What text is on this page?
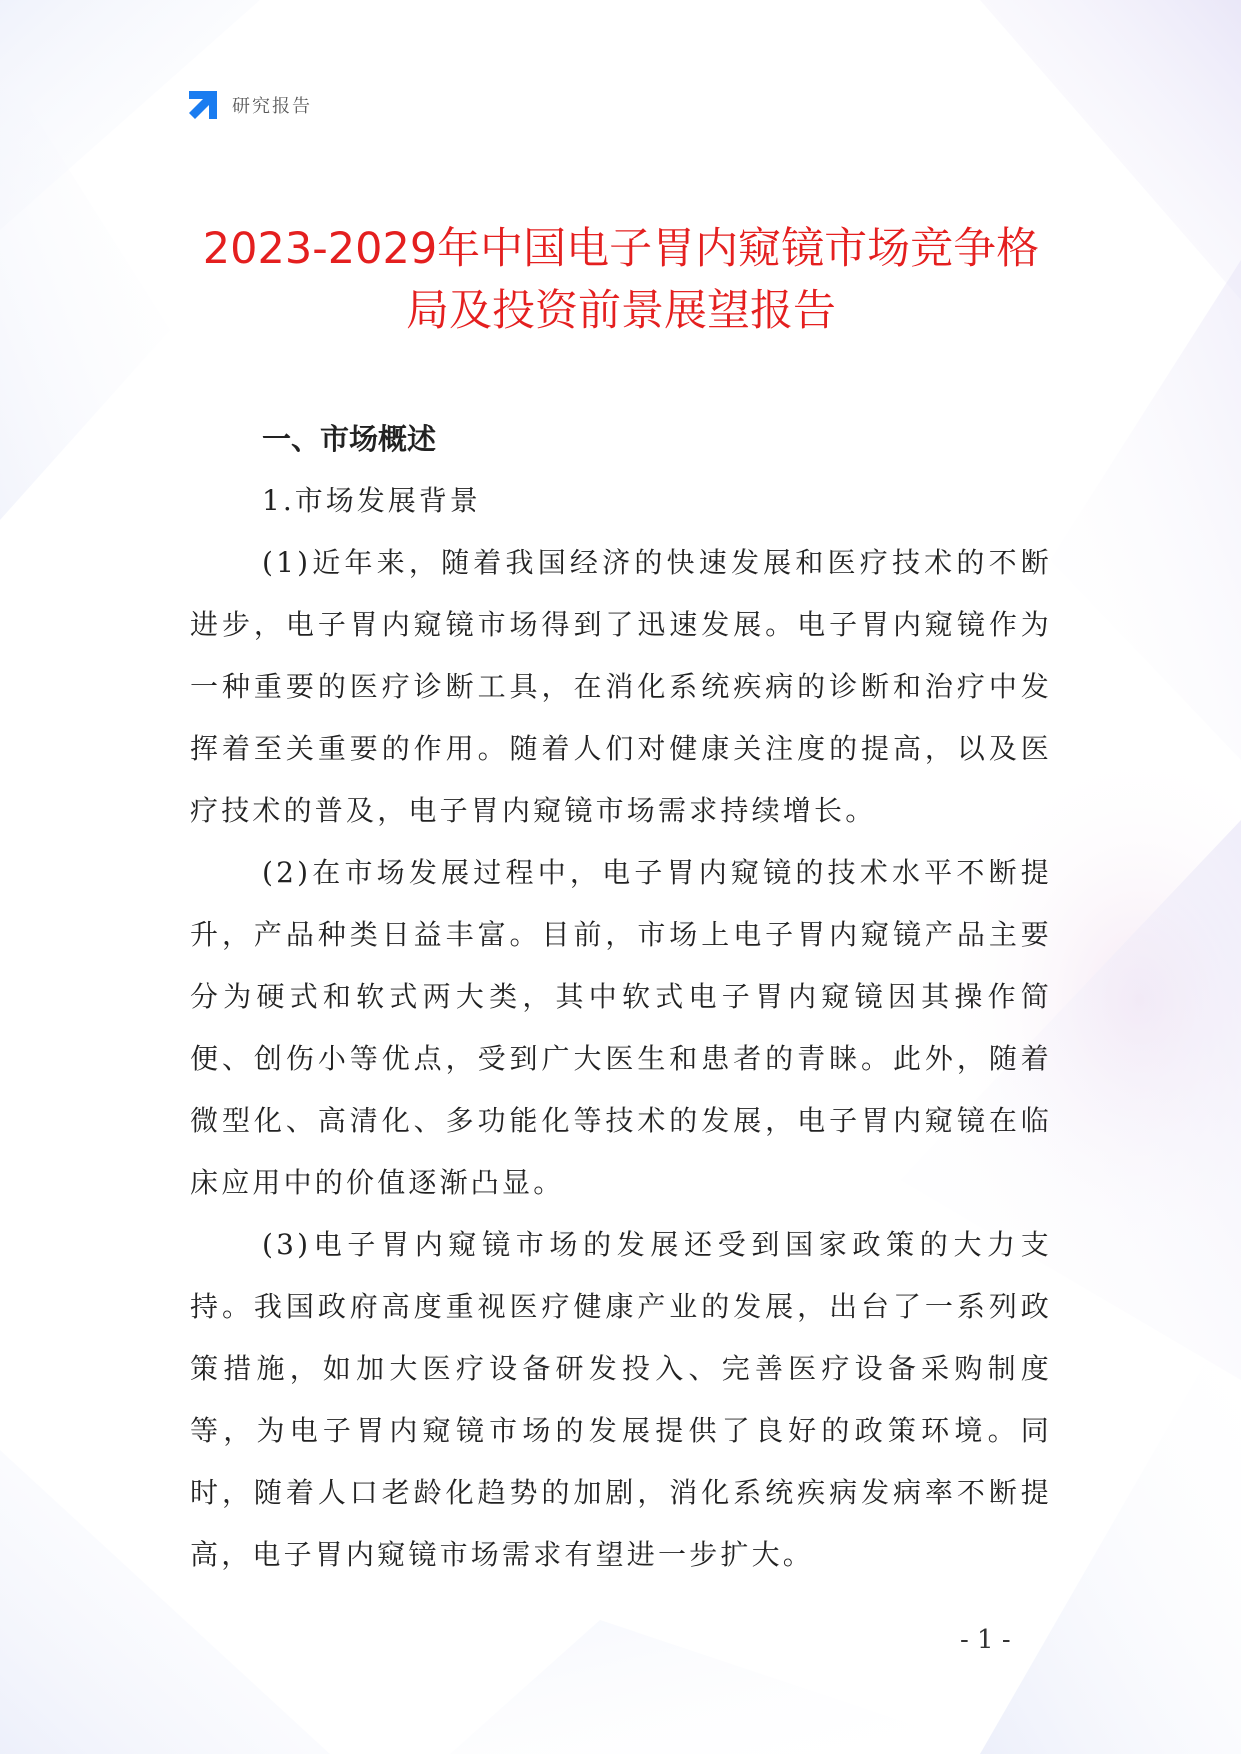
研究报告
2023-2029年中国电子胃内窥镜市场竞争格
局及投资前景展望报告

一、市场概述

1.市场发展背景

(1)近年来，随着我国经济的快速发展和医疗技术的不断进步，电子胃内窥镜市场得到了迅速发展。电子胃内窥镜作为一种重要的医疗诊断工具，在消化系统疾病的诊断和治疗中发挥着至关重要的作用。随着人们对健康关注度的提高，以及医疗技术的普及，电子胃内窥镜市场需求持续增长。

(2)在市场发展过程中，电子胃内窥镜的技术水平不断提升，产品种类日益丰富。目前，市场上电子胃内窥镜产品主要分为硬式和软式两大类，其中软式电子胃内窥镜因其操作简便、创伤小等优点，受到广大医生和患者的青睐。此外，随着微型化、高清化、多功能化等技术的发展，电子胃内窥镜在临床应用中的价值逐渐凸显。

(3)电子胃内窥镜市场的发展还受到国家政策的大力支持。我国政府高度重视医疗健康产业的发展，出台了一系列政策措施，如加大医疗设备研发投入、完善医疗设备采购制度等，为电子胃内窥镜市场的发展提供了良好的政策环境。同时，随着人口老龄化趋势的加剧，消化系统疾病发病率不断提高，电子胃内窥镜市场需求有望进一步扩大。

- 1 -
